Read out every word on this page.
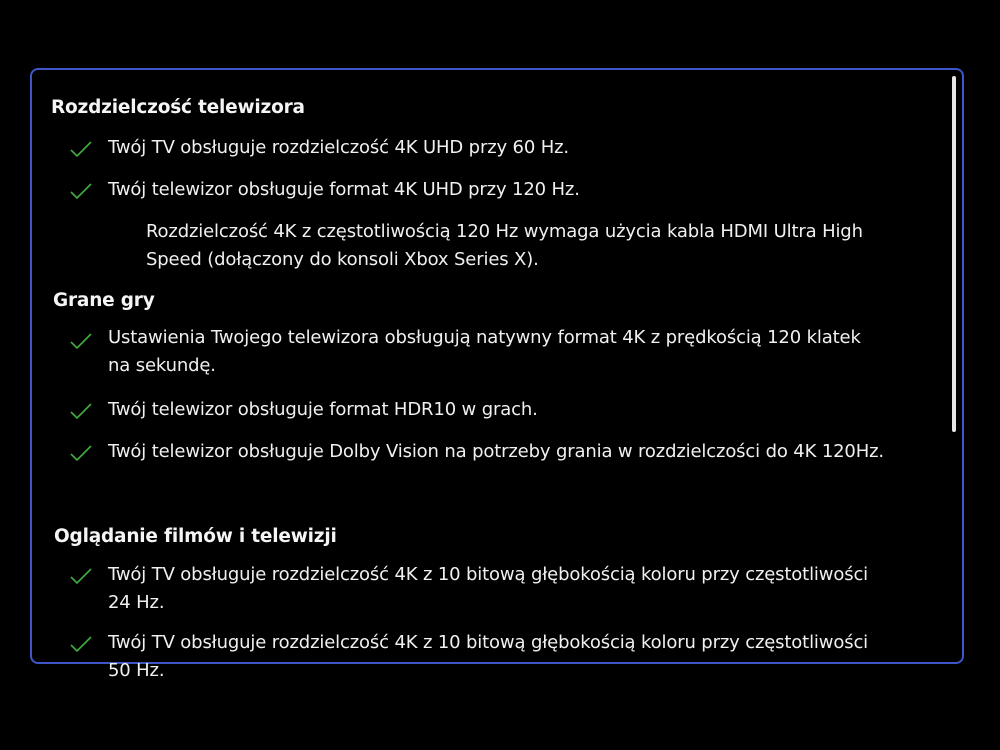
Rozdzielczość telewizora
Twój TV obsługuje rozdzielczość 4K UHD przy 60 Hz.
Twój telewizor obsługuje format 4K UHD przy 120 Hz.
Rozdzielczość 4K z częstotliwością 120 Hz wymaga użycia kabla HDMI Ultra High Speed (dołączony do konsoli Xbox Series X).
Grane gry
Ustawienia Twojego telewizora obsługują natywny format 4K z prędkością 120 klatek na sekundę.
Twój telewizor obsługuje format HDR10 w grach.
Twój telewizor obsługuje Dolby Vision na potrzeby grania w rozdzielczości do 4K 120Hz.
Oglądanie filmów i telewizji
Twój TV obsługuje rozdzielczość 4K z 10 bitową głębokością koloru przy częstotliwości 24 Hz.
Twój TV obsługuje rozdzielczość 4K z 10 bitową głębokością koloru przy częstotliwości 50 Hz.
